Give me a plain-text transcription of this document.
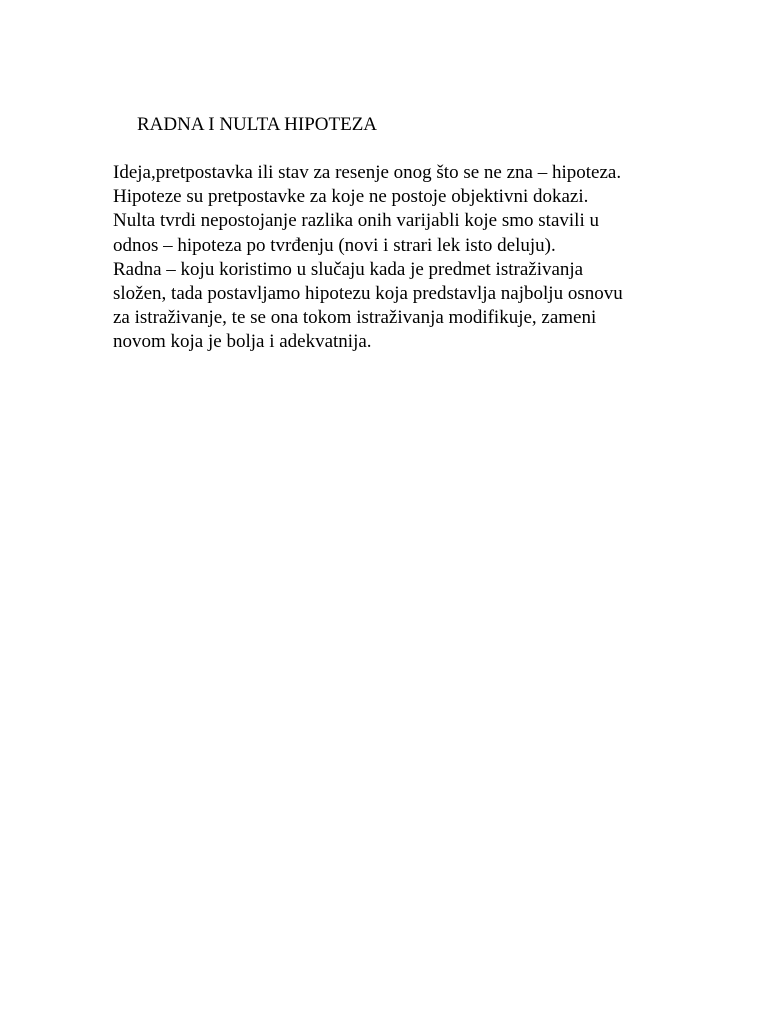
RADNA I NULTA HIPOTEZA
Ideja,pretpostavka ili stav za resenje onog što se ne zna – hipoteza.
Hipoteze su pretpostavke za koje ne postoje objektivni dokazi.
Nulta tvrdi nepostojanje razlika onih varijabli koje smo stavili u
odnos – hipoteza po tvrđenju (novi i strari lek isto deluju).
Radna – koju koristimo u slučaju kada je predmet istraživanja
složen, tada postavljamo hipotezu koja predstavlja najbolju osnovu
za istraživanje, te se ona tokom istraživanja modifikuje, zameni
novom koja je bolja i adekvatnija.
